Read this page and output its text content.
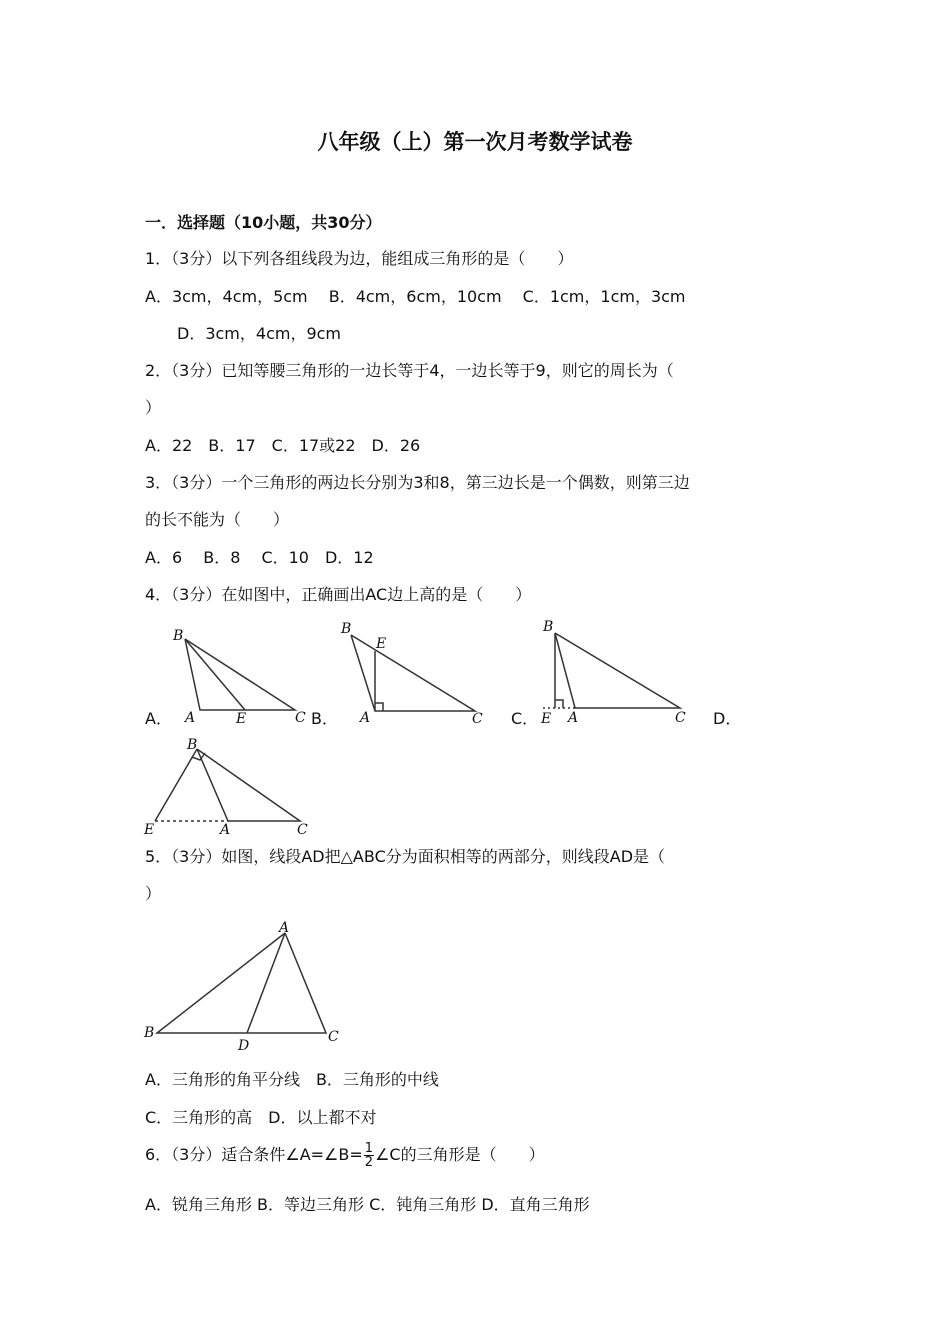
八年级（上）第一次月考数学试卷
一．选择题（10小题，共30分）
1．（3分）以下列各组线段为边，能组成三角形的是（　　）
A．3cm，4cm，5cm　 B．4cm，6cm，10cm　 C．1cm，1cm，3cm
D．3cm，4cm，9cm
2．（3分）已知等腰三角形的一边长等于4，一边长等于9，则它的周长为（
）
A．22　B．17　C．17或22　D．26
3．（3分）一个三角形的两边长分别为3和8，第三边长是一个偶数，则第三边
的长不能为（　　）
A．6　 B．8　 C．10　D．12
4．（3分）在如图中，正确画出AC边上高的是（　　）
A．
B
A	E	C B．
B
E
A	C C．
B
E A	C D．
B
E	A	C
5．（3分）如图，线段AD把△ABC分为面积相等的两部分，则线段AD是（
）
A
B
D
C
A．三角形的角平分线　B．三角形的中线
C．三角形的高　D．以上都不对
6．（3分）适合条件∠A=∠B= $\frac{1}{2}$ ∠C的三角形是（　　）
A．锐角三角形 B．等边三角形 C．钝角三角形 D．直角三角形
